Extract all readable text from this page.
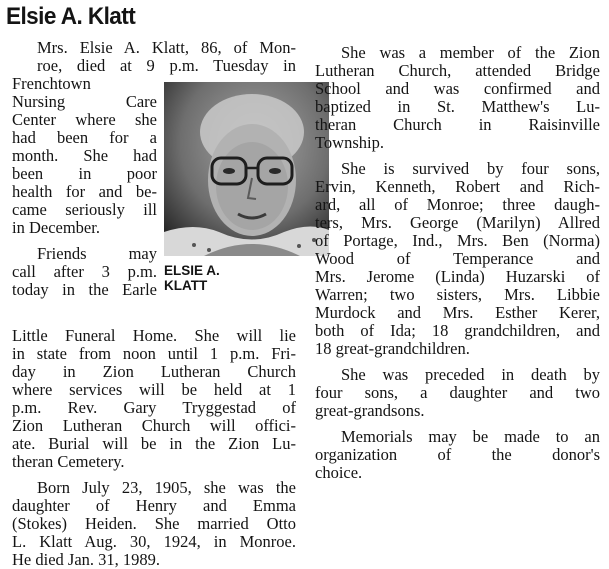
Elsie A. Klatt
ELSIE A.
KLATT
Mrs. Elsie A. Klatt, 86, of Mon-
roe, died at 9 p.m. Tuesday in
Frenchtown
Nursing Care
Center where she
had been for a
month. She had
been in poor
health for and be-
came seriously ill
in December.
Friends may
call after 3 p.m.
today in the Earle
Little Funeral Home. She will lie
in state from noon until 1 p.m. Fri-
day in Zion Lutheran Church
where services will be held at 1
p.m. Rev. Gary Tryggestad of
Zion Lutheran Church will offici-
ate. Burial will be in the Zion Lu-
theran Cemetery.
Born July 23, 1905, she was the
daughter of Henry and Emma
(Stokes) Heiden. She married Otto
L. Klatt Aug. 30, 1924, in Monroe.
He died Jan. 31, 1989.
She was a member of the Zion
Lutheran Church, attended Bridge
School and was confirmed and
baptized in St. Matthew's Lu-
theran Church in Raisinville
Township.
She is survived by four sons,
Ervin, Kenneth, Robert and Rich-
ard, all of Monroe; three daugh-
ters, Mrs. George (Marilyn) Allred
of Portage, Ind., Mrs. Ben (Norma)
Wood of Temperance and
Mrs. Jerome (Linda) Huzarski of
Warren; two sisters, Mrs. Libbie
Murdock and Mrs. Esther Kerer,
both of Ida; 18 grandchildren, and
18 great-grandchildren.
She was preceded in death by
four sons, a daughter and two
great-grandsons.
Memorials may be made to an
organization of the donor's
choice.
